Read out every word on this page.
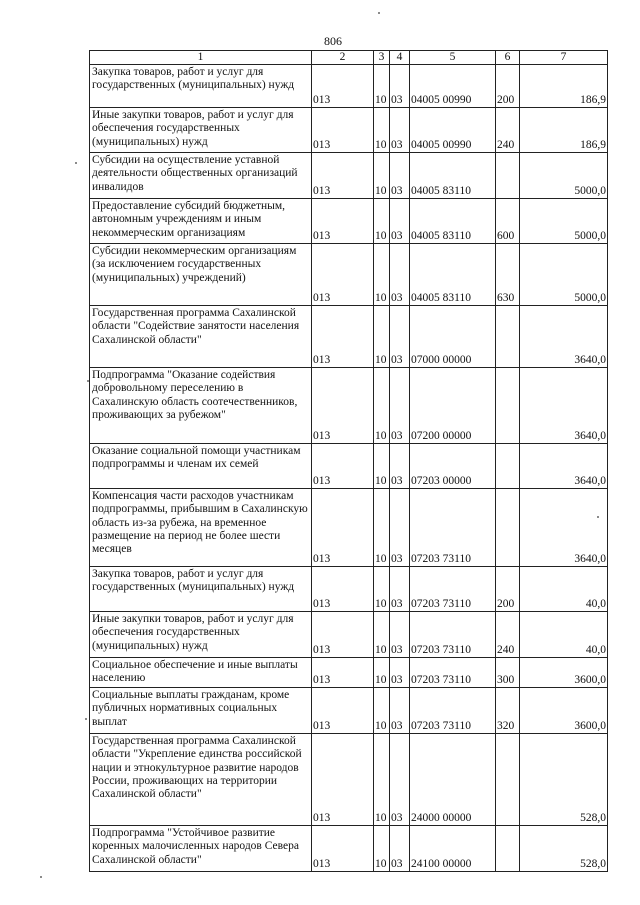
806
1	2	3	4	5	6	7
Закупка товаров, работ и услуг для государственных (муниципальных) нужд	013	10	03	04005 00990	200	186,9
Иные закупки товаров, работ и услуг для обеспечения государственных (муниципальных) нужд	013	10	03	04005 00990	240	186,9
Субсидии на осуществление уставной деятельности общественных организаций инвалидов	013	10	03	04005 83110		5000,0
Предоставление субсидий бюджетным, автономным учреждениям и иным некоммерческим организациям	013	10	03	04005 83110	600	5000,0
Субсидии некоммерческим организациям (за исключением государственных (муниципальных) учреждений)	013	10	03	04005 83110	630	5000,0
Государственная программа Сахалинской области "Содействие занятости населения Сахалинской области"	013	10	03	07000 00000		3640,0
Подпрограмма "Оказание содействия добровольному переселению в Сахалинскую область соотечественников, проживающих за рубежом"	013	10	03	07200 00000		3640,0
Оказание социальной помощи участникам подпрограммы и членам их семей	013	10	03	07203 00000		3640,0
Компенсация части расходов участникам подпрограммы, прибывшим в Сахалинскую область из-за рубежа, на временное размещение на период не более шести месяцев	013	10	03	07203 73110		3640,0
Закупка товаров, работ и услуг для государственных (муниципальных) нужд	013	10	03	07203 73110	200	40,0
Иные закупки товаров, работ и услуг для обеспечения государственных (муниципальных) нужд	013	10	03	07203 73110	240	40,0
Социальное обеспечение и иные выплаты населению	013	10	03	07203 73110	300	3600,0
Социальные выплаты гражданам, кроме публичных нормативных социальных выплат	013	10	03	07203 73110	320	3600,0
Государственная программа Сахалинской области "Укрепление единства российской нации и этнокультурное развитие народов России, проживающих на территории Сахалинской области"	013	10	03	24000 00000		528,0
Подпрограмма "Устойчивое развитие коренных малочисленных народов Севера Сахалинской области"	013	10	03	24100 00000		528,0
